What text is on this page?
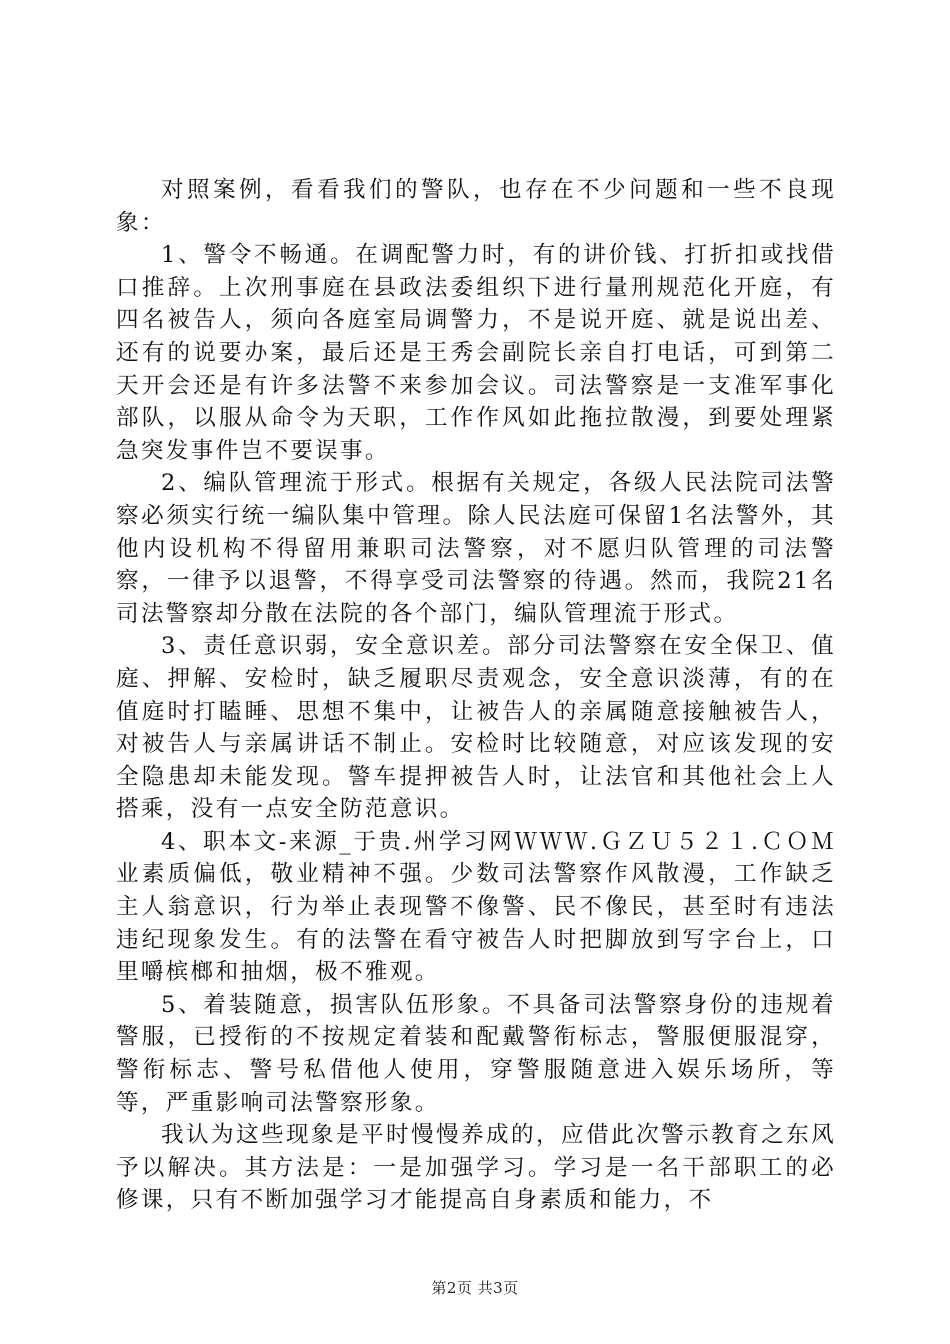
对照案例，看看我们的警队，也存在不少问题和一些不良现象：

1、警令不畅通。在调配警力时，有的讲价钱、打折扣或找借口推辞。上次刑事庭在县政法委组织下进行量刑规范化开庭，有四名被告人，须向各庭室局调警力，不是说开庭、就是说出差、还有的说要办案，最后还是王秀会副院长亲自打电话，可到第二天开会还是有许多法警不来参加会议。司法警察是一支准军事化部队，以服从命令为天职，工作作风如此拖拉散漫，到要处理紧急突发事件岂不要误事。

2、编队管理流于形式。根据有关规定，各级人民法院司法警察必须实行统一编队集中管理。除人民法庭可保留1名法警外，其他内设机构不得留用兼职司法警察，对不愿归队管理的司法警察，一律予以退警，不得享受司法警察的待遇。然而，我院21名司法警察却分散在法院的各个部门，编队管理流于形式。

3、责任意识弱，安全意识差。部分司法警察在安全保卫、值庭、押解、安检时，缺乏履职尽责观念，安全意识淡薄，有的在值庭时打瞌睡、思想不集中，让被告人的亲属随意接触被告人，对被告人与亲属讲话不制止。安检时比较随意，对应该发现的安全隐患却未能发现。警车提押被告人时，让法官和其他社会上人搭乘，没有一点安全防范意识。

4、职本文-来源_于贵.州学习网ＷＷＷ.ＧＺＵ５２１.ＣＯＭ业素质偏低，敬业精神不强。少数司法警察作风散漫，工作缺乏主人翁意识，行为举止表现警不像警、民不像民，甚至时有违法违纪现象发生。有的法警在看守被告人时把脚放到写字台上，口里嚼槟榔和抽烟，极不雅观。

5、着装随意，损害队伍形象。不具备司法警察身份的违规着警服，已授衔的不按规定着装和配戴警衔标志，警服便服混穿，警衔标志、警号私借他人使用，穿警服随意进入娱乐场所，等等，严重影响司法警察形象。

我认为这些现象是平时慢慢养成的，应借此次警示教育之东风予以解决。其方法是：一是加强学习。学习是一名干部职工的必修课，只有不断加强学习才能提高自身素质和能力，不

第2页 共3页
